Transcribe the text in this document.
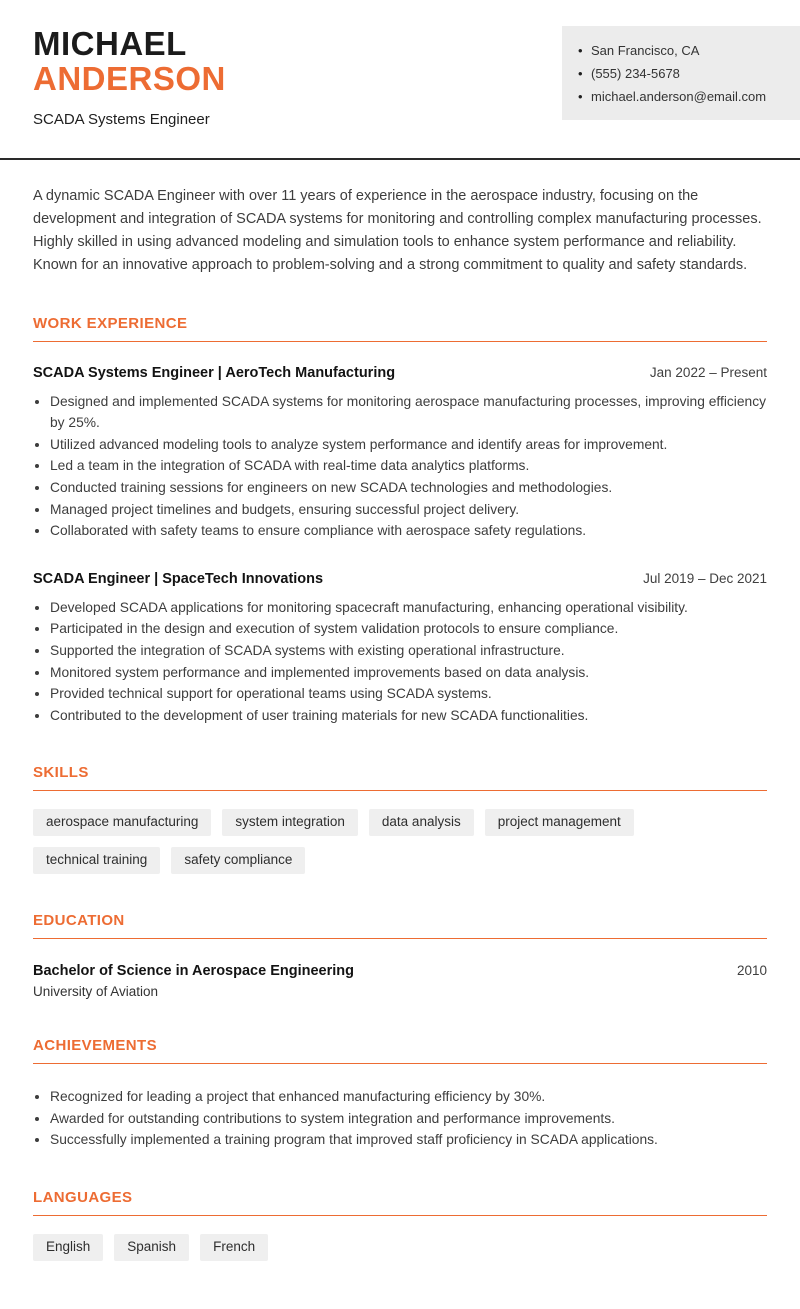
MICHAEL
ANDERSON
SCADA Systems Engineer
• San Francisco, CA
• (555) 234-5678
• michael.anderson@email.com

A dynamic SCADA Engineer with over 11 years of experience in the aerospace industry, focusing on the development and integration of SCADA systems for monitoring and controlling complex manufacturing processes. Highly skilled in using advanced modeling and simulation tools to enhance system performance and reliability. Known for an innovative approach to problem-solving and a strong commitment to quality and safety standards.

WORK EXPERIENCE
SCADA Systems Engineer | AeroTech Manufacturing	Jan 2022 – Present
• Designed and implemented SCADA systems for monitoring aerospace manufacturing processes, improving efficiency by 25%.
• Utilized advanced modeling tools to analyze system performance and identify areas for improvement.
• Led a team in the integration of SCADA with real-time data analytics platforms.
• Conducted training sessions for engineers on new SCADA technologies and methodologies.
• Managed project timelines and budgets, ensuring successful project delivery.
• Collaborated with safety teams to ensure compliance with aerospace safety regulations.
SCADA Engineer | SpaceTech Innovations	Jul 2019 – Dec 2021
• Developed SCADA applications for monitoring spacecraft manufacturing, enhancing operational visibility.
• Participated in the design and execution of system validation protocols to ensure compliance.
• Supported the integration of SCADA systems with existing operational infrastructure.
• Monitored system performance and implemented improvements based on data analysis.
• Provided technical support for operational teams using SCADA systems.
• Contributed to the development of user training materials for new SCADA functionalities.
SKILLS
aerospace manufacturing	system integration	data analysis	project management
technical training	safety compliance
EDUCATION
Bachelor of Science in Aerospace Engineering	2010
University of Aviation
ACHIEVEMENTS
• Recognized for leading a project that enhanced manufacturing efficiency by 30%.
• Awarded for outstanding contributions to system integration and performance improvements.
• Successfully implemented a training program that improved staff proficiency in SCADA applications.
LANGUAGES
English	Spanish	French
